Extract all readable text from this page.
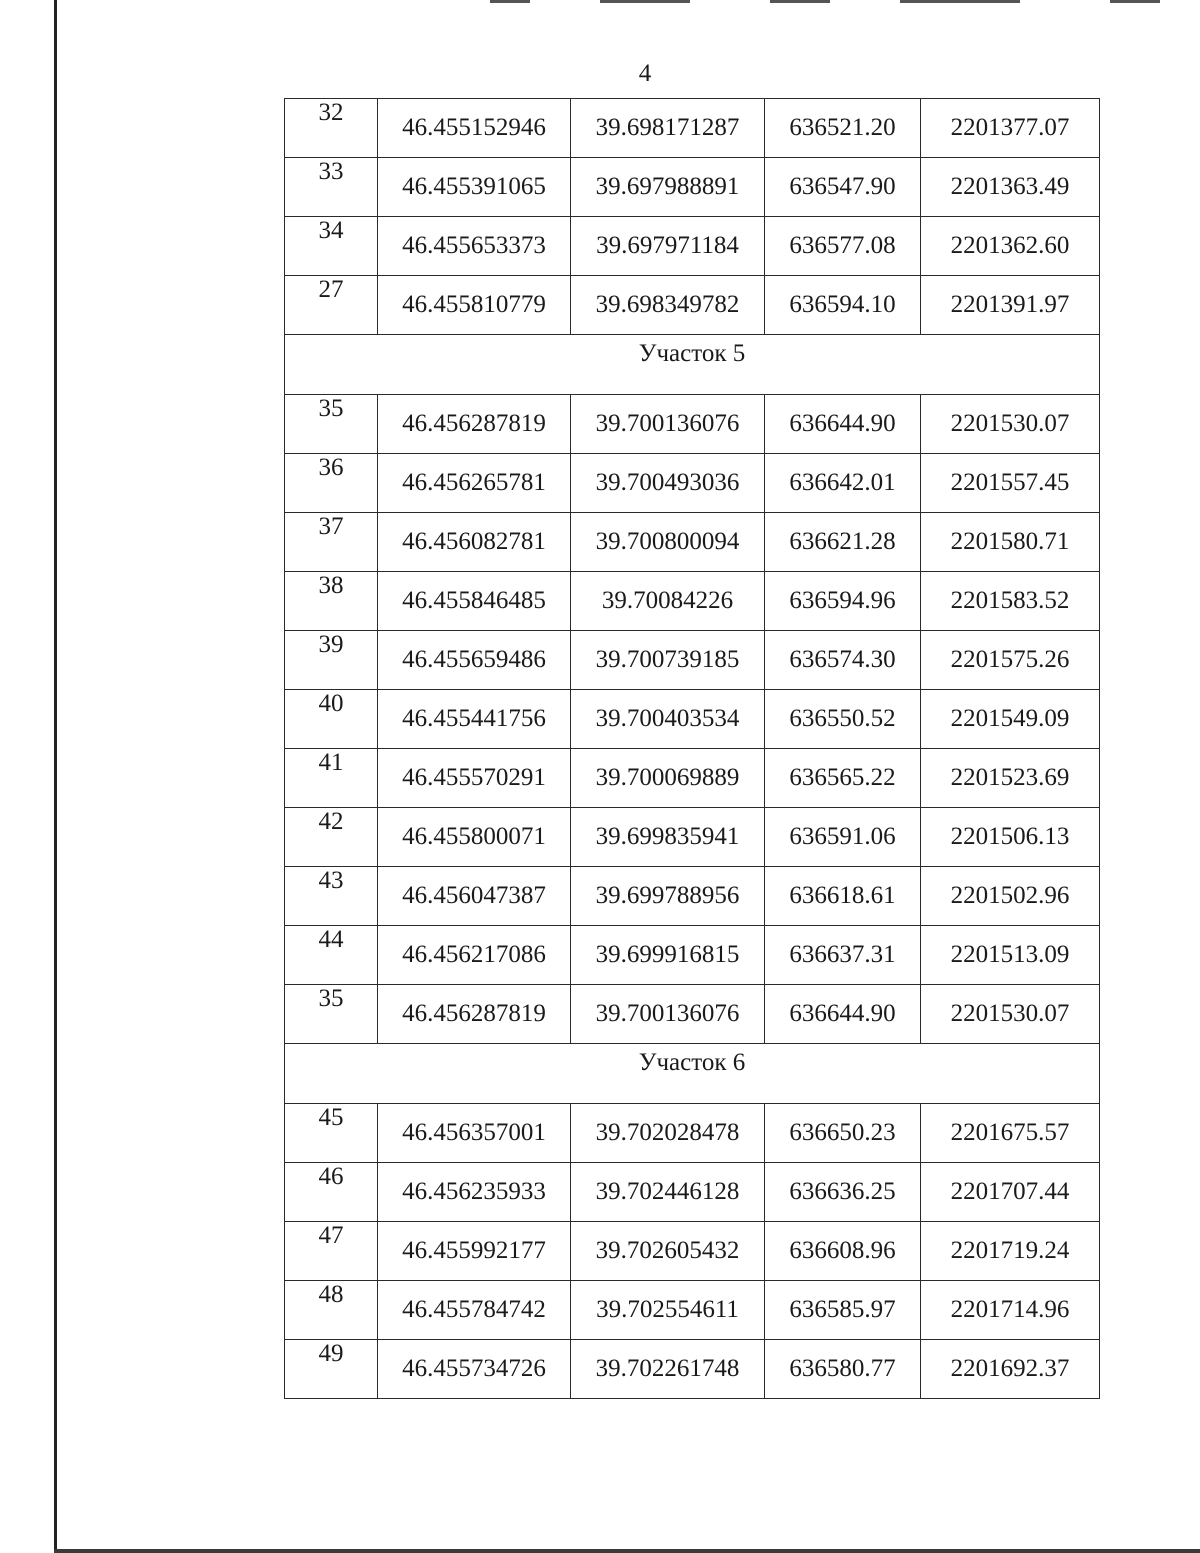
4
32	46.455152946	39.698171287	636521.20	2201377.07
33	46.455391065	39.697988891	636547.90	2201363.49
34	46.455653373	39.697971184	636577.08	2201362.60
27	46.455810779	39.698349782	636594.10	2201391.97
Участок 5				
35	46.456287819	39.700136076	636644.90	2201530.07
36	46.456265781	39.700493036	636642.01	2201557.45
37	46.456082781	39.700800094	636621.28	2201580.71
38	46.455846485	39.70084226	636594.96	2201583.52
39	46.455659486	39.700739185	636574.30	2201575.26
40	46.455441756	39.700403534	636550.52	2201549.09
41	46.455570291	39.700069889	636565.22	2201523.69
42	46.455800071	39.699835941	636591.06	2201506.13
43	46.456047387	39.699788956	636618.61	2201502.96
44	46.456217086	39.699916815	636637.31	2201513.09
35	46.456287819	39.700136076	636644.90	2201530.07
Участок 6				
45	46.456357001	39.702028478	636650.23	2201675.57
46	46.456235933	39.702446128	636636.25	2201707.44
47	46.455992177	39.702605432	636608.96	2201719.24
48	46.455784742	39.702554611	636585.97	2201714.96
49	46.455734726	39.702261748	636580.77	2201692.37
